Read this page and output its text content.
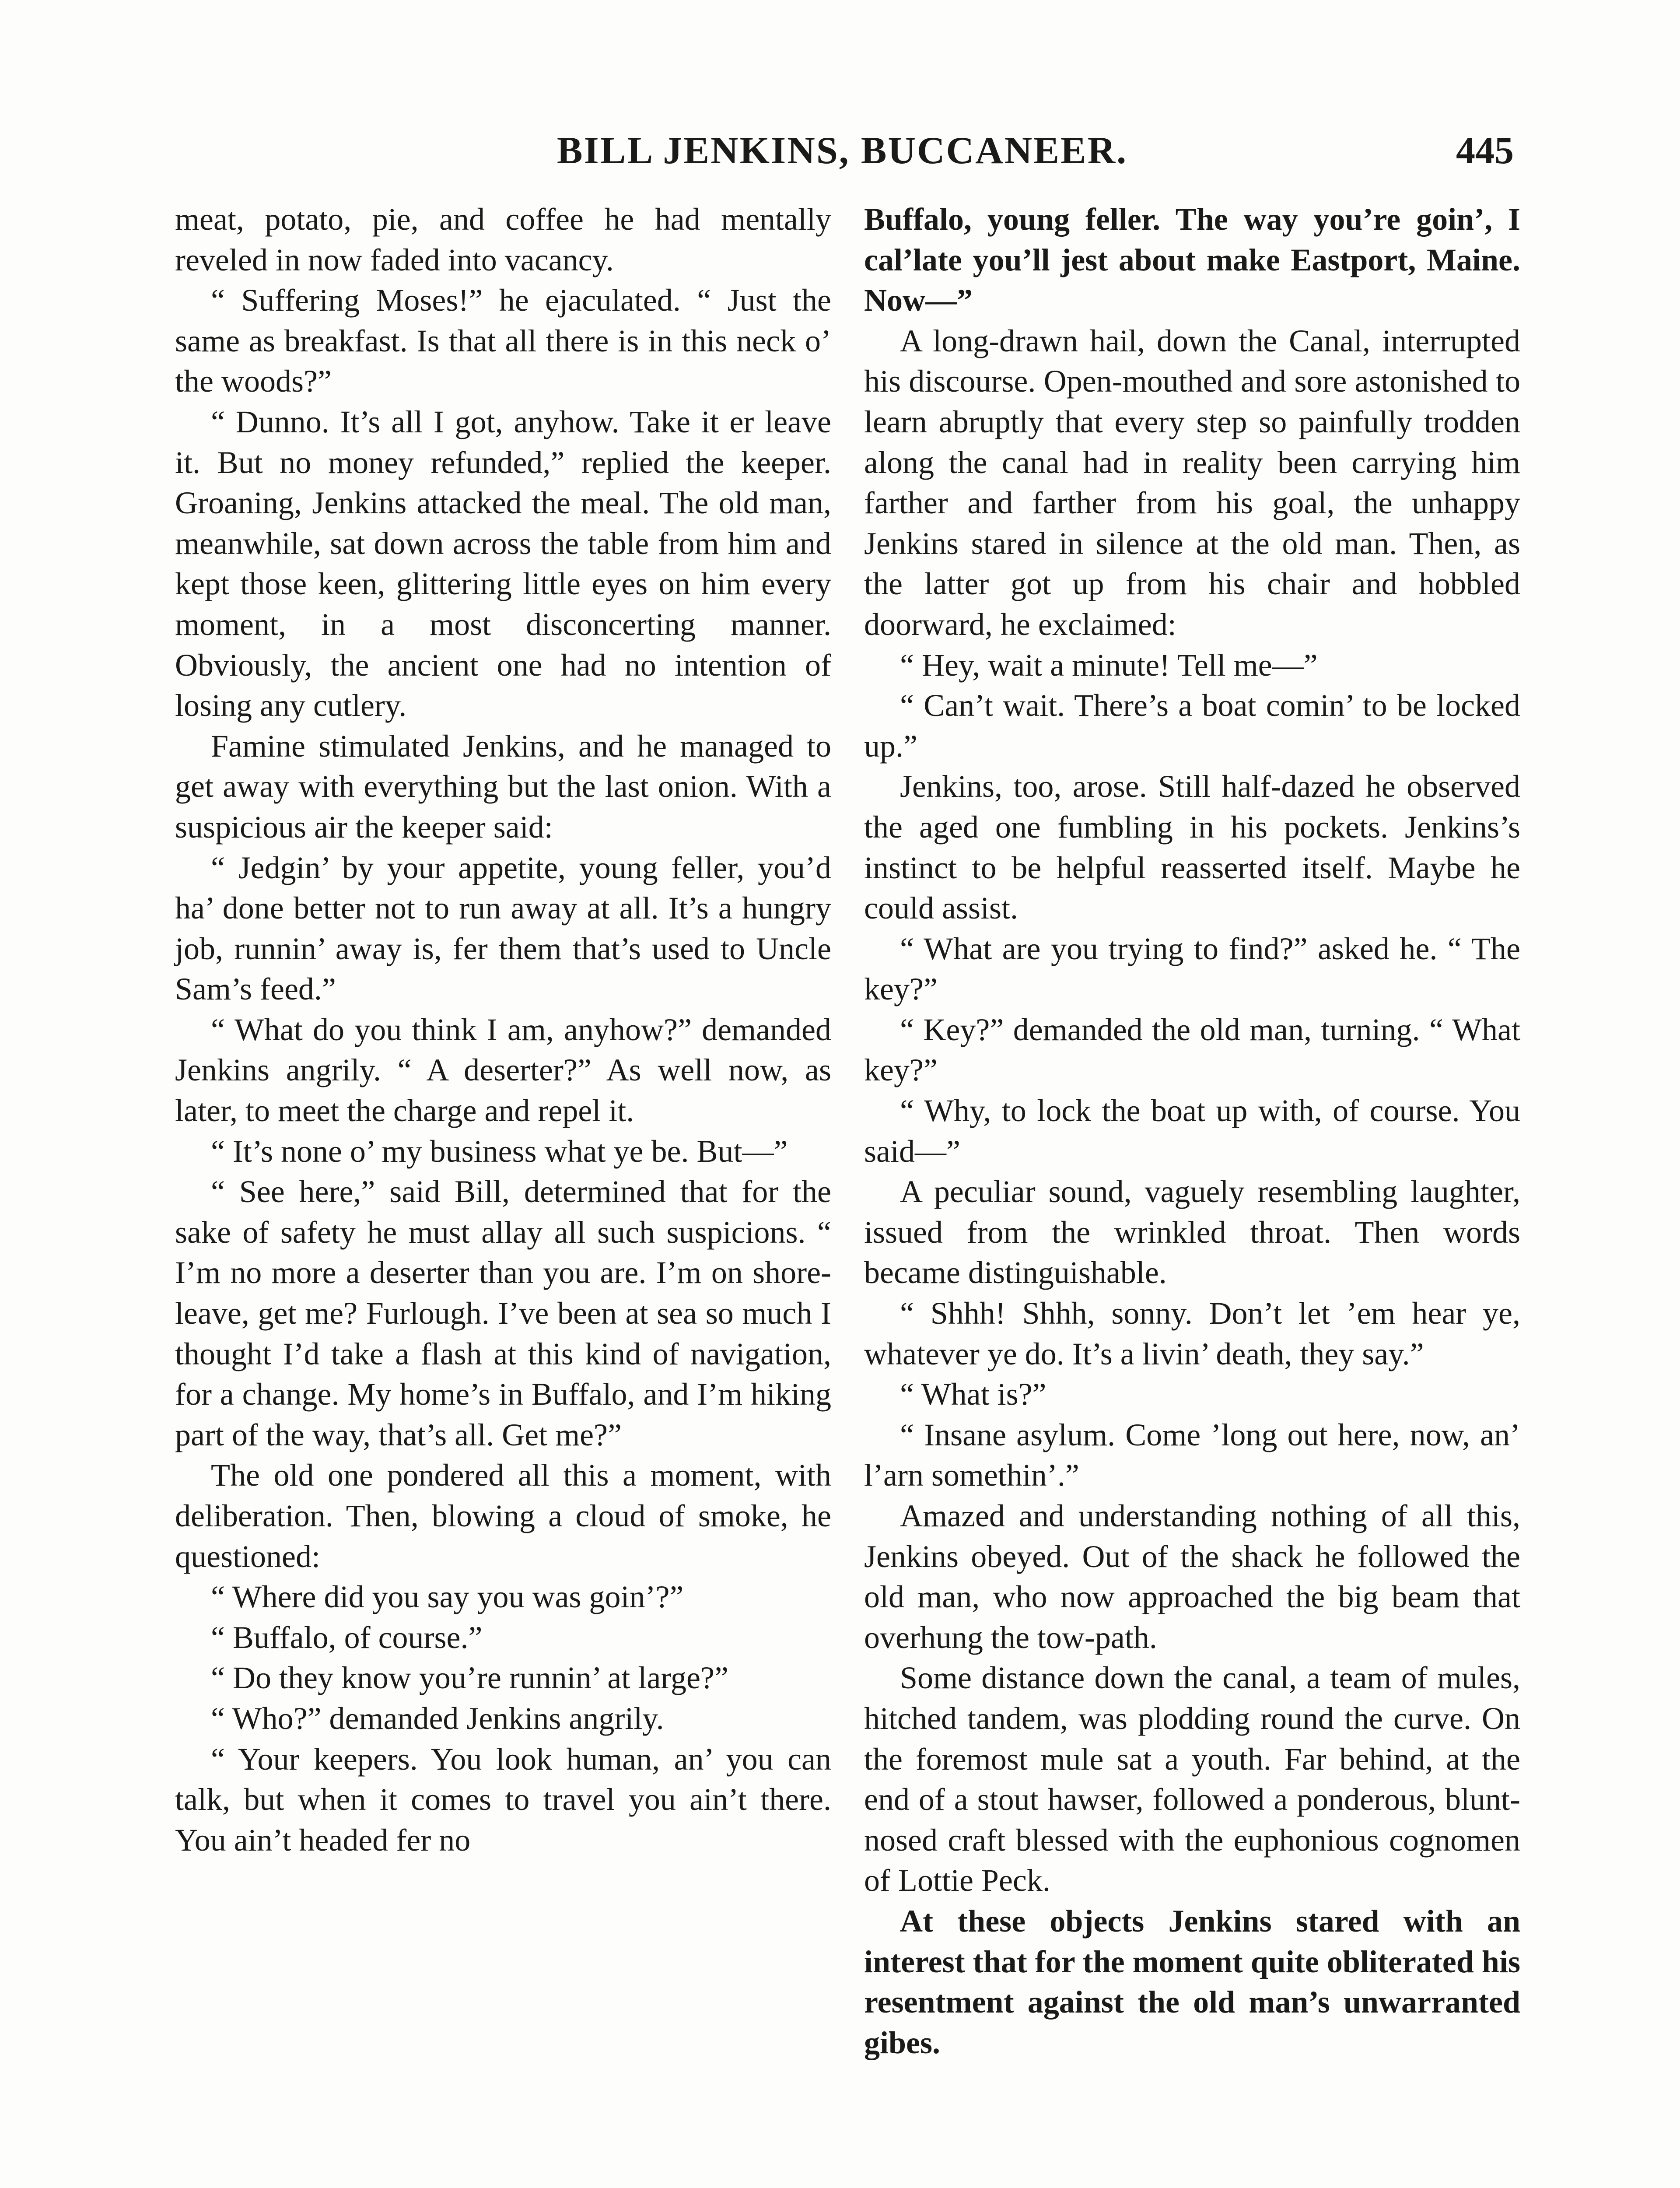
BILL JENKINS, BUCCANEER.	445

meat, potato, pie, and coffee he had mentally reveled in now faded into vacancy.

“ Suffering Moses!” he ejaculated. “ Just the same as breakfast. Is that all there is in this neck o’ the woods?”

“ Dunno. It’s all I got, anyhow. Take it er leave it. But no money refunded,” replied the keeper. Groaning, Jenkins attacked the meal. The old man, meanwhile, sat down across the table from him and kept those keen, glittering little eyes on him every moment, in a most disconcerting manner. Obviously, the ancient one had no intention of losing any cutlery.

Famine stimulated Jenkins, and he managed to get away with everything but the last onion. With a suspicious air the keeper said:

“ Jedgin’ by your appetite, young feller, you’d ha’ done better not to run away at all. It’s a hungry job, runnin’ away is, fer them that’s used to Uncle Sam’s feed.”

“ What do you think I am, anyhow?” demanded Jenkins angrily. “ A deserter?” As well now, as later, to meet the charge and repel it.

“ It’s none o’ my business what ye be. But—”

“ See here,” said Bill, determined that for the sake of safety he must allay all such suspicions. “ I’m no more a deserter than you are. I’m on shore-leave, get me? Furlough. I’ve been at sea so much I thought I’d take a flash at this kind of navigation, for a change. My home’s in Buffalo, and I’m hiking part of the way, that’s all. Get me?”

The old one pondered all this a moment, with deliberation. Then, blowing a cloud of smoke, he questioned:

“ Where did you say you was goin’?”

“ Buffalo, of course.”

“ Do they know you’re runnin’ at large?”

“ Who?” demanded Jenkins angrily.

“ Your keepers. You look human, an’ you can talk, but when it comes to travel you ain’t there. You ain’t headed fer no

Buffalo, young feller. The way you’re goin’, I cal’late you’ll jest about make Eastport, Maine. Now—”

A long-drawn hail, down the Canal, interrupted his discourse. Open-mouthed and sore astonished to learn abruptly that every step so painfully trodden along the canal had in reality been carrying him farther and farther from his goal, the unhappy Jenkins stared in silence at the old man. Then, as the latter got up from his chair and hobbled doorward, he exclaimed:

“ Hey, wait a minute! Tell me—”

“ Can’t wait. There’s a boat comin’ to be locked up.”

Jenkins, too, arose. Still half-dazed he observed the aged one fumbling in his pockets. Jenkins’s instinct to be helpful reasserted itself. Maybe he could assist.

“ What are you trying to find?” asked he. “ The key?”

“ Key?” demanded the old man, turning. “ What key?”

“ Why, to lock the boat up with, of course. You said—”

A peculiar sound, vaguely resembling laughter, issued from the wrinkled throat. Then words became distinguishable.

“ Shhh! Shhh, sonny. Don’t let ’em hear ye, whatever ye do. It’s a livin’ death, they say.”

“ What is?”

“ Insane asylum. Come ’long out here, now, an’ l’arn somethin’.”

Amazed and understanding nothing of all this, Jenkins obeyed. Out of the shack he followed the old man, who now approached the big beam that overhung the tow-path.

Some distance down the canal, a team of mules, hitched tandem, was plodding round the curve. On the foremost mule sat a youth. Far behind, at the end of a stout hawser, followed a ponderous, blunt-nosed craft blessed with the euphonious cognomen of Lottie Peck.

At these objects Jenkins stared with an interest that for the moment quite obliterated his resentment against the old man’s unwarranted gibes.
